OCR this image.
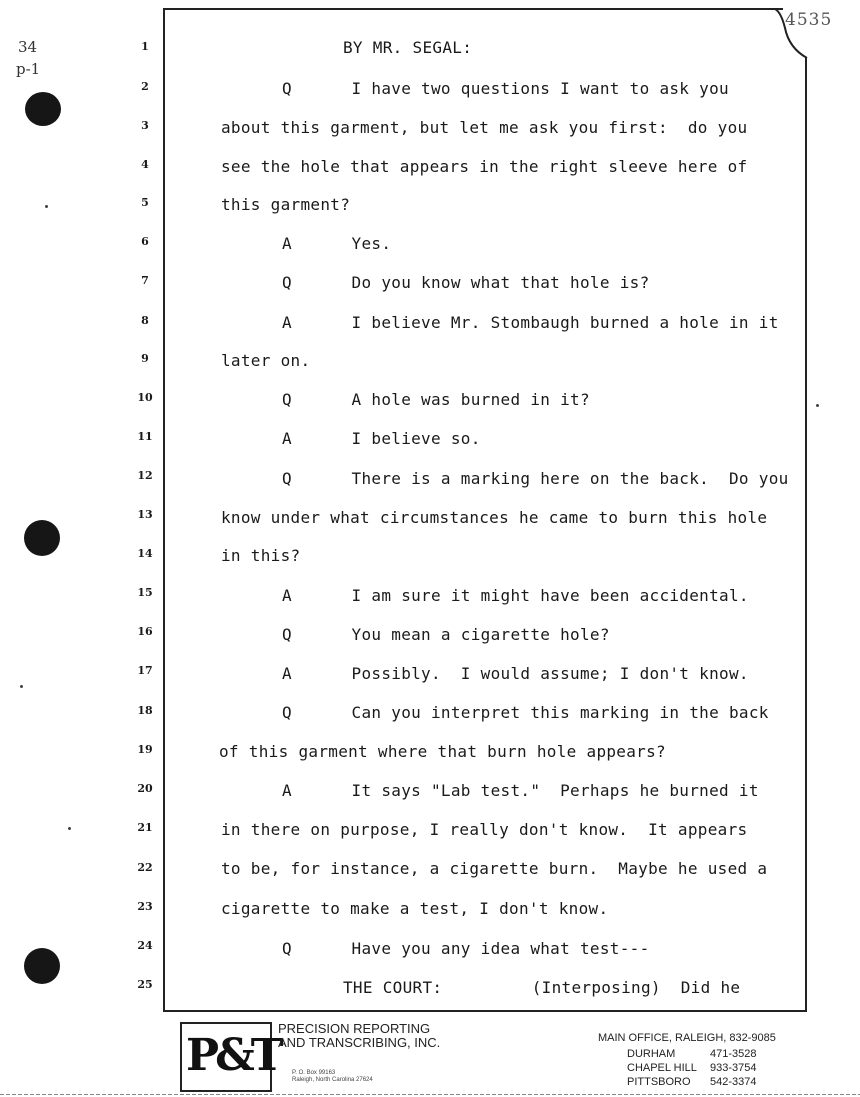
34
p-1
4535
1	BY MR. SEGAL:
2	Q      I have two questions I want to ask you
3	about this garment, but let me ask you first:  do you
4	see the hole that appears in the right sleeve here of
5	this garment?
6	A      Yes.
7	Q      Do you know what that hole is?
8	A      I believe Mr. Stombaugh burned a hole in it
9	later on.
10	Q      A hole was burned in it?
11	A      I believe so.
12	Q      There is a marking here on the back.  Do you
13	know under what circumstances he came to burn this hole
14	in this?
15	A      I am sure it might have been accidental.
16	Q      You mean a cigarette hole?
17	A      Possibly.  I would assume; I don't know.
18	Q      Can you interpret this marking in the back
19	of this garment where that burn hole appears?
20	A      It says "Lab test."  Perhaps he burned it
21	in there on purpose, I really don't know.  It appears
22	to be, for instance, a cigarette burn.  Maybe he used a
23	cigarette to make a test, I don't know.
24	Q      Have you any idea what test---
25	THE COURT:         (Interposing)  Did he
P&T
PRECISION REPORTING
AND TRANSCRIBING, INC.
P. O. Box 99163
Raleigh, North Carolina 27624
MAIN OFFICE, RALEIGH, 832-9085
DURHAM	471-3528
CHAPEL HILL 933-3754
PITTSBORO 542-3374
